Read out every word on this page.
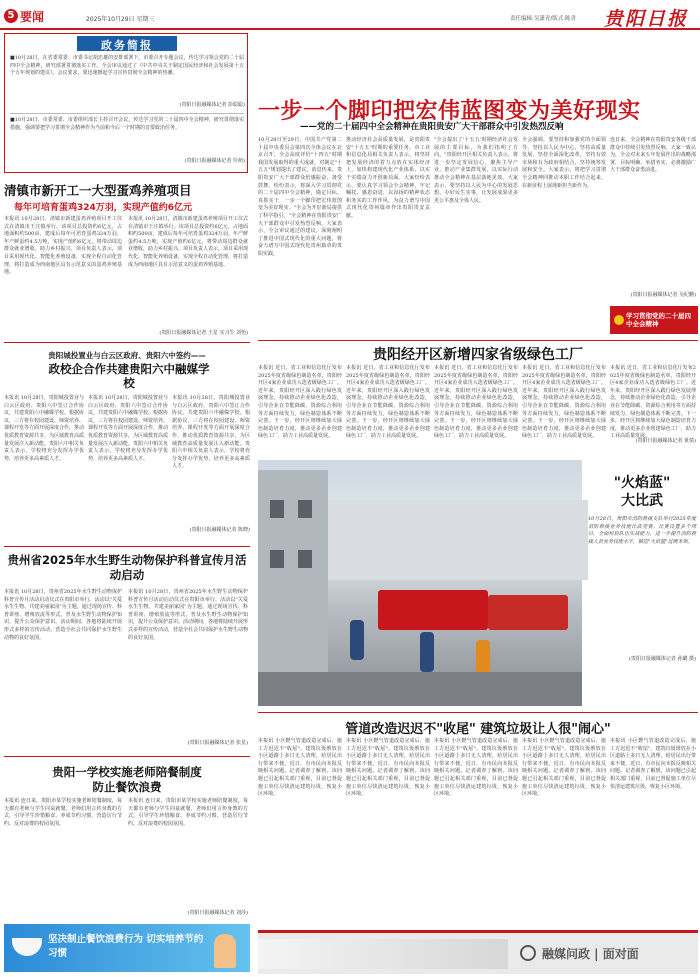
5 要闻	2025年10月29日 星期三	责任编辑:吴潇青/版式:陈青 贵阳日报
政务简报
■10月28日，在省委常委、市委书记胡忠雄的安排部署下，市委召开专题会议，传达学习领会党的二十届四中全会精神，研究部署贯彻落实工作。全会审议通过了《中共中央关于制定国民经济和社会发展第十五个五年规划的建议》。会议要求，要迅速掀起学习宣传贯彻全会精神的热潮。
(贵阳日报融媒体记者 彭聪聪)
■10月28日，市委常委、市委组织部长主持召开会议，传达学习党的二十届四中全会精神，研究贯彻落实措施，强调要把学习贯彻全会精神作为当前和今后一个时期的首要政治任务。
(贵阳日报融媒体记者 任萌)
清镇市新开工一大型蛋鸡养殖项目
每年可培育蛋鸡324万羽，实现产值约6亿元
本报讯 10月28日，清镇市新建蛋鸡养殖项目开工仪式在清镇市王庄镇举行。该项目总投资约6亿元，占地面积约500亩，建成后每年可培育蛋鸡324万羽，年产鲜蛋约4.5万吨，实现产值约6亿元，将带动周边群众就业增收，助力乡村振兴。项目负责人表示，项目采用现代化、智能化养殖设备，实现全程自动化管理，将打造成为西南地区具有示范意义的蛋鸡养殖基地。
本报讯 10月28日，清镇市新建蛋鸡养殖项目开工仪式在清镇市王庄镇举行。该项目总投资约6亿元，占地面积约500亩，建成后每年可培育蛋鸡324万羽，年产鲜蛋约4.5万吨，实现产值约6亿元，将带动周边群众就业增收，助力乡村振兴。项目负责人表示，项目采用现代化、智能化养殖设备，实现全程自动化管理，将打造成为西南地区具有示范意义的蛋鸡养殖基地。
(贵阳日报融媒体记者 王星 实习生 刘怡)
贵阳城投置业与白云区政府、贵阳六中签约——
政校企合作共建贵阳六中融媒学校
本报讯 10月28日，贵阳城投置业与白云区政府、贵阳六中签订合作协议，共建贵阳六中融媒学校。根据协议，三方将在校园建设、师资培养、课程开发等方面开展深度合作，推动优质教育资源共享，为区域教育高质量发展注入新动能。贵阳六中相关负责人表示，学校将充分发挥办学优势，培养更多高素质人才。
本报讯 10月28日，贵阳城投置业与白云区政府、贵阳六中签订合作协议，共建贵阳六中融媒学校。根据协议，三方将在校园建设、师资培养、课程开发等方面开展深度合作，推动优质教育资源共享，为区域教育高质量发展注入新动能。贵阳六中相关负责人表示，学校将充分发挥办学优势，培养更多高素质人才。
本报讯 10月28日，贵阳城投置业与白云区政府、贵阳六中签订合作协议，共建贵阳六中融媒学校。根据协议，三方将在校园建设、师资培养、课程开发等方面开展深度合作，推动优质教育资源共享，为区域教育高质量发展注入新动能。贵阳六中相关负责人表示，学校将充分发挥办学优势，培养更多高素质人才。
(贵阳日报融媒体记者 陈晓)
贵州省2025年水生野生动物保护科普宣传月活动启动
本报讯 10月28日，贵州省2025年水生野生动物保护科普宣传月活动启动仪式在贵阳市举行。活动以"关爱水生生物、共建美丽家园"为主题，通过现场宣传、科普讲座、增殖放流等形式，普及水生野生动物保护知识，提升公众保护意识。活动期间，各地将陆续开展形式多样的宣传活动，营造全社会共同保护水生野生动物的良好氛围。
本报讯 10月28日，贵州省2025年水生野生动物保护科普宣传月活动启动仪式在贵阳市举行。活动以"关爱水生生物、共建美丽家园"为主题，通过现场宣传、科普讲座、增殖放流等形式，普及水生野生动物保护知识，提升公众保护意识。活动期间，各地将陆续开展形式多样的宣传活动，营造全社会共同保护水生野生动物的良好氛围。
(贵阳日报融媒体记者 张星)
贵阳一学校实施老师陪餐制度
防止餐饮浪费
本报讯 连日来，贵阳市某学校实施老师陪餐制度，每天都有老师与学生同桌就餐。老师们用言传身教的方式，引导学生珍惜粮食、养成节约习惯，营造厉行节约、反对浪费的校园氛围。
本报讯 连日来，贵阳市某学校实施老师陪餐制度，每天都有老师与学生同桌就餐。老师们用言传身教的方式，引导学生珍惜粮食、养成节约习惯，营造厉行节约、反对浪费的校园氛围。
(贵阳日报融媒体记者 刘莎)
坚决制止餐饮浪费行为 切实培养节约习惯
一步一个脚印把宏伟蓝图变为美好现实
——党的二十届四中全会精神在贵阳贵安广大干部群众中引发热烈反响
10月28日至29日，中国共产党第二十届中央委员会第四次全体会议在北京召开，全会高度评价"十四五"时期我国发展取得的重大成就，对制定"十五五"规划提出了建议。消息传来，贵阳贵安广大干部群众倍感振奋、备受鼓舞，纷纷表示，将深入学习贯彻党的二十届四中全会精神，锚定目标、真抓实干，一步一个脚印把宏伟蓝图变为美好现实。"全会为开好新局提供了科学指引。"全会精神在贵阳贵安广大干部群众中引发热烈反响。大家表示，全会审议通过的建议，深刻阐明了推进中国式现代化的重大问题，将奋力谱写中国式现代化贵州篇章的贵阳实践。
推动经济社会高质量发展，是贵阳贵安"十五五"时期的重要任务。市工业和信息化局相关负责人表示，将坚持把发展经济的着力点放在实体经济上，加快构建现代化产业体系，以实干实绩奋力开创新局面。大家纷纷表示，要认真学习领会全会精神，牢记嘱托、感恩奋进，以昂扬的精神状态和务实的工作作风，为奋力谱写中国式现代化贵州篇章作出贵阳贵安贡献。
"全会提出了'十五五'时期经济社会发展的主要目标，为我们指明了方向。"贵阳经开区相关负责人表示，将进一步坚定发展信心，聚焦主导产业，推动产业集群发展，以实际行动推动全会精神在基层落地见效。大家表示，要坚持以人民为中心的发展思想，办好民生实事，让发展成果更多更公平惠及全体人民。
全会强调，要坚持和加强党的全面领导，坚持以人民为中心，坚持高质量发展，坚持全面深化改革，坚持有效市场和有为政府相结合，坚持统筹发展和安全。大家表示，将把学习贯彻全会精神同推动本职工作结合起来，在新征程上展现新担当新作为。
连日来，全会精神在贵阳贵安各级干部群众中持续引发热烈反响。大家一致认为，全会对未来五年发展作出的战略部署，目标明确、举措务实，必将激励广大干部群众奋勇前进。
(贵阳日报融媒体记者 吴纪鹏)
学习贯彻党的二十届四中全会精神
贵阳经开区新增四家省级绿色工厂
本报讯 近日，省工业和信息化厅发布2025年度省级绿色制造名单，贵阳经开区4家企业成功入选省级绿色工厂。近年来，贵阳经开区深入践行绿色发展理念，持续推动企业绿色化改造，引导企业在节能降碳、资源综合利用等方面持续发力，绿色制造体系不断完善。下一步，经开区将继续加大绿色制造培育力度，推动更多企业创建绿色工厂，助力工业高质量发展。
本报讯 近日，省工业和信息化厅发布2025年度省级绿色制造名单，贵阳经开区4家企业成功入选省级绿色工厂。近年来，贵阳经开区深入践行绿色发展理念，持续推动企业绿色化改造，引导企业在节能降碳、资源综合利用等方面持续发力，绿色制造体系不断完善。下一步，经开区将继续加大绿色制造培育力度，推动更多企业创建绿色工厂，助力工业高质量发展。
本报讯 近日，省工业和信息化厅发布2025年度省级绿色制造名单，贵阳经开区4家企业成功入选省级绿色工厂。近年来，贵阳经开区深入践行绿色发展理念，持续推动企业绿色化改造，引导企业在节能降碳、资源综合利用等方面持续发力，绿色制造体系不断完善。下一步，经开区将继续加大绿色制造培育力度，推动更多企业创建绿色工厂，助力工业高质量发展。
本报讯 近日，省工业和信息化厅发布2025年度省级绿色制造名单，贵阳经开区4家企业成功入选省级绿色工厂。近年来，贵阳经开区深入践行绿色发展理念，持续推动企业绿色化改造，引导企业在节能降碳、资源综合利用等方面持续发力，绿色制造体系不断完善。下一步，经开区将继续加大绿色制造培育力度，推动更多企业创建绿色工厂，助力工业高质量发展。
本报讯 近日，省工业和信息化厅发布2025年度省级绿色制造名单，贵阳经开区4家企业成功入选省级绿色工厂。近年来，贵阳经开区深入践行绿色发展理念，持续推动企业绿色化改造，引导企业在节能降碳、资源综合利用等方面持续发力，绿色制造体系不断完善。下一步，经开区将继续加大绿色制造培育力度，推动更多企业创建绿色工厂，助力工业高质量发展。
(贵阳日报融媒体记者 黄倩)
"火焰蓝"
大比武
10月28日，贵阳市消防救援支队举行2025年度消防救援业务技能比武竞赛。比赛设置多个项目，全面检验队伍实战能力，进一步提升消防救援人员业务技能水平，锻造"火焰蓝"过硬本领。
(贵阳日报融媒体记者 孙璐 摄)
管道改造迟迟不"收尾" 建筑垃圾让人很"闹心"
本报讯 小区燃气管道改造完成后，施工方迟迟不"收尾"，建筑垃圾堆放在小区道路上多日无人清理，给居民出行带来不便。近日，有市民向本报反映相关问题。记者调查了解到，该问题已引起相关部门重视，目前已督促施工单位尽快清运建筑垃圾，恢复小区环境。
本报讯 小区燃气管道改造完成后，施工方迟迟不"收尾"，建筑垃圾堆放在小区道路上多日无人清理，给居民出行带来不便。近日，有市民向本报反映相关问题。记者调查了解到，该问题已引起相关部门重视，目前已督促施工单位尽快清运建筑垃圾，恢复小区环境。
本报讯 小区燃气管道改造完成后，施工方迟迟不"收尾"，建筑垃圾堆放在小区道路上多日无人清理，给居民出行带来不便。近日，有市民向本报反映相关问题。记者调查了解到，该问题已引起相关部门重视，目前已督促施工单位尽快清运建筑垃圾，恢复小区环境。
本报讯 小区燃气管道改造完成后，施工方迟迟不"收尾"，建筑垃圾堆放在小区道路上多日无人清理，给居民出行带来不便。近日，有市民向本报反映相关问题。记者调查了解到，该问题已引起相关部门重视，目前已督促施工单位尽快清运建筑垃圾，恢复小区环境。
本报讯 小区燃气管道改造完成后，施工方迟迟不"收尾"，建筑垃圾堆放在小区道路上多日无人清理，给居民出行带来不便。近日，有市民向本报反映相关问题。记者调查了解到，该问题已引起相关部门重视，目前已督促施工单位尽快清运建筑垃圾，恢复小区环境。
融媒问政 | 面对面
